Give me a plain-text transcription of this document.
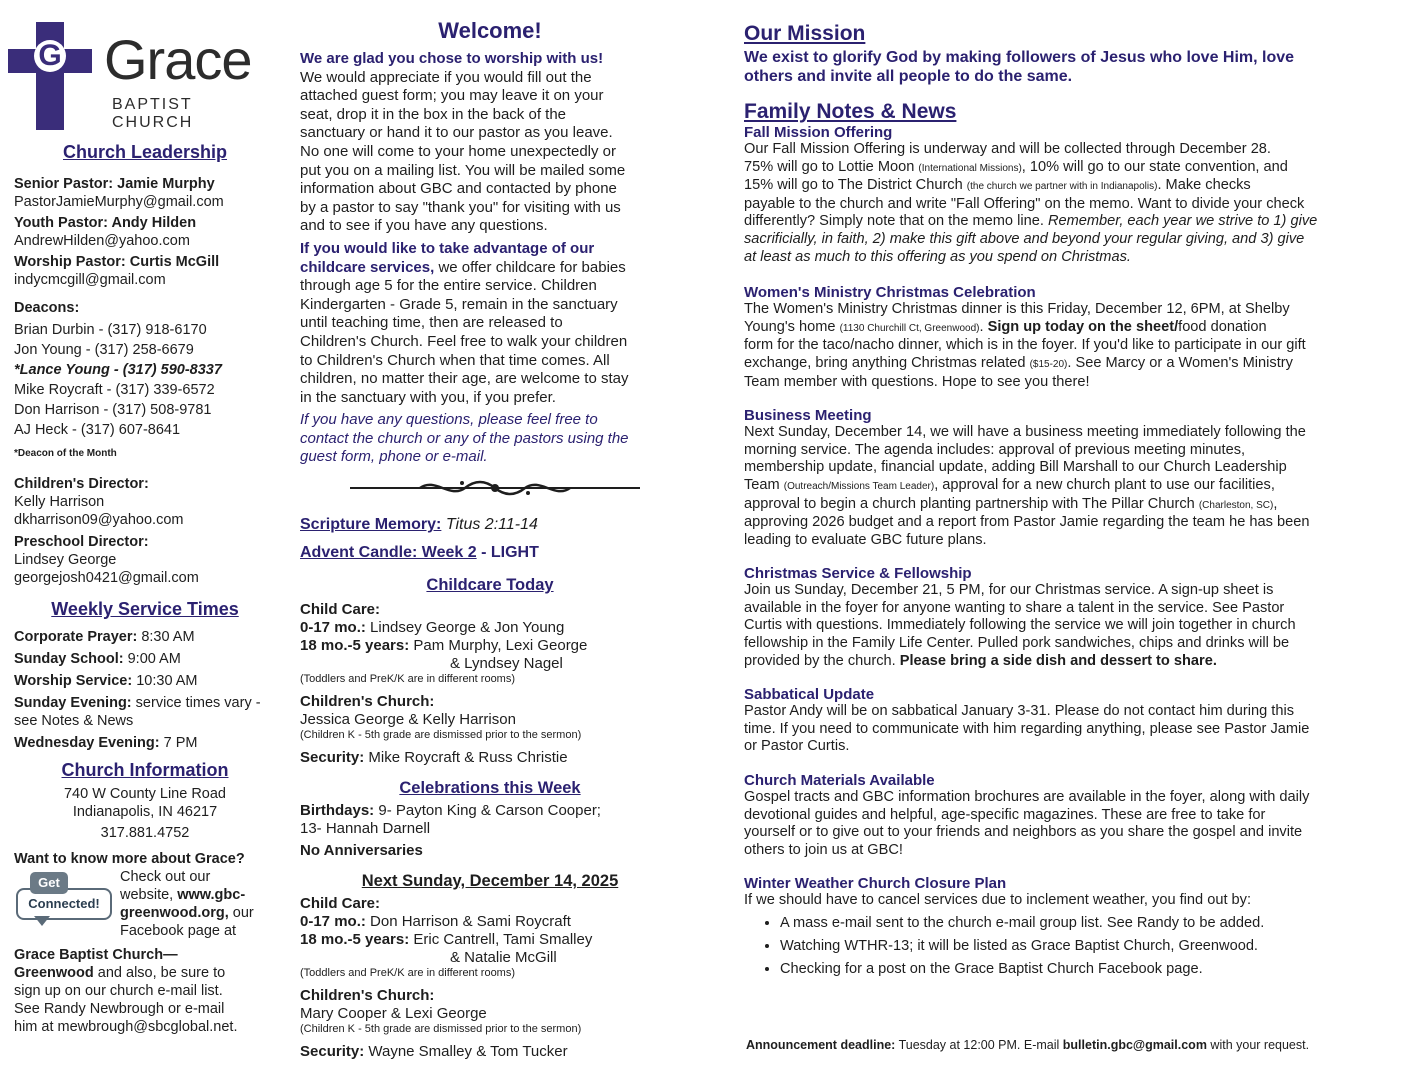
G Grace
BAPTIST CHURCH
Church Leadership
Senior Pastor: Jamie Murphy
PastorJamieMurphy@gmail.com
Youth Pastor: Andy Hilden
AndrewHilden@yahoo.com
Worship Pastor: Curtis McGill
indycmcgill@gmail.com
Deacons:
Brian Durbin - (317) 918-6170
Jon Young - (317) 258-6679
*Lance Young - (317) 590-8337
Mike Roycraft - (317) 339-6572
Don Harrison - (317) 508-9781
AJ Heck - (317) 607-8641
*Deacon of the Month
Children's Director:
Kelly Harrison
dkharrison09@yahoo.com
Preschool Director:
Lindsey George
georgejosh0421@gmail.com
Weekly Service Times
Corporate Prayer: 8:30 AM
Sunday School: 9:00 AM
Worship Service: 10:30 AM
Sunday Evening: service times vary - see Notes & News
Wednesday Evening: 7 PM
Church Information
740 W County Line Road
Indianapolis, IN 46217
317.881.4752
Want to know more about Grace?
Connected!
Get	Check out our
website, www.gbc-
greenwood.org, our
Facebook page at
Grace Baptist Church—
Greenwood and also, be sure to
sign up on our church e-mail list.
See Randy Newbrough or e-mail
him at mewbrough@sbcglobal.net.
Welcome!

We are glad you chose to worship with us!

We would appreciate if you would fill out the

attached guest form; you may leave it on your

seat, drop it in the box in the back of the

sanctuary or hand it to our pastor as you leave.

No one will come to your home unexpectedly or

put you on a mailing list. You will be mailed some

information about GBC and contacted by phone

by a pastor to say "thank you" for visiting with us

and to see if you have any questions.

If you would like to take advantage of our

childcare services, we offer childcare for babies

through age 5 for the entire service. Children

Kindergarten - Grade 5, remain in the sanctuary

until teaching time, then are released to

Children's Church. Feel free to walk your children

to Children's Church when that time comes. All

children, no matter their age, are welcome to stay

in the sanctuary with you, if you prefer.

If you have any questions, please feel free to

contact the church or any of the pastors using the

guest form, phone or e-mail.

Scripture Memory: Titus 2:11-14
Advent Candle: Week 2 - LIGHT
Childcare Today
Child Care:
0-17 mo.: Lindsey George & Jon Young
18 mo.-5 years: Pam Murphy, Lexi George
& Lyndsey Nagel
(Toddlers and PreK/K are in different rooms)
Children's Church:
Jessica George & Kelly Harrison
(Children K - 5th grade are dismissed prior to the sermon)
Security: Mike Roycraft & Russ Christie
Celebrations this Week
Birthdays: 9- Payton King & Carson Cooper;
13- Hannah Darnell
No Anniversaries
Next Sunday, December 14, 2025
Child Care:
0-17 mo.: Don Harrison & Sami Roycraft
18 mo.-5 years: Eric Cantrell, Tami Smalley
& Natalie McGill
(Toddlers and PreK/K are in different rooms)
Children's Church:
Mary Cooper & Lexi George
(Children K - 5th grade are dismissed prior to the sermon)
Security: Wayne Smalley & Tom Tucker
Our Mission

We exist to glorify God by making followers of Jesus who love Him, love

others and invite all people to do the same.

Family Notes & News
Fall Mission Offering

Our Fall Mission Offering is underway and will be collected through December 28.

75% will go to Lottie Moon (International Missions), 10% will go to our state convention, and

15% will go to The District Church (the church we partner with in Indianapolis). Make checks

payable to the church and write "Fall Offering" on the memo. Want to divide your check

differently? Simply note that on the memo line. Remember, each year we strive to 1) give

sacrificially, in faith, 2) make this gift above and beyond your regular giving, and 3) give

at least as much to this offering as you spend on Christmas.

Women's Ministry Christmas Celebration

The Women's Ministry Christmas dinner is this Friday, December 12, 6PM, at Shelby

Young's home (1130 Churchill Ct, Greenwood). Sign up today on the sheet/food donation

form for the taco/nacho dinner, which is in the foyer. If you'd like to participate in our gift

exchange, bring anything Christmas related ($15-20). See Marcy or a Women's Ministry

Team member with questions. Hope to see you there!

Business Meeting

Next Sunday, December 14, we will have a business meeting immediately following the

morning service. The agenda includes: approval of previous meeting minutes,

membership update, financial update, adding Bill Marshall to our Church Leadership

Team (Outreach/Missions Team Leader), approval for a new church plant to use our facilities,

approval to begin a church planting partnership with The Pillar Church (Charleston, SC),

approving 2026 budget and a report from Pastor Jamie regarding the team he has been

leading to evaluate GBC future plans.

Christmas Service & Fellowship

Join us Sunday, December 21, 5 PM, for our Christmas service. A sign-up sheet is

available in the foyer for anyone wanting to share a talent in the service. See Pastor

Curtis with questions. Immediately following the service we will join together in church

fellowship in the Family Life Center. Pulled pork sandwiches, chips and drinks will be

provided by the church. Please bring a side dish and dessert to share.

Sabbatical Update

Pastor Andy will be on sabbatical January 3-31. Please do not contact him during this

time. If you need to communicate with him regarding anything, please see Pastor Jamie

or Pastor Curtis.

Church Materials Available

Gospel tracts and GBC information brochures are available in the foyer, along with daily

devotional guides and helpful, age-specific magazines. These are free to take for

yourself or to give out to your friends and neighbors as you share the gospel and invite

others to join us at GBC!

Winter Weather Church Closure Plan

If we should have to cancel services due to inclement weather, you find out by:

• A mass e-mail sent to the church e-mail group list. See Randy to be added.
• Watching WTHR-13; it will be listed as Grace Baptist Church, Greenwood.
• Checking for a post on the Grace Baptist Church Facebook page.
Announcement deadline: Tuesday at 12:00 PM. E-mail bulletin.gbc@gmail.com with your request.
